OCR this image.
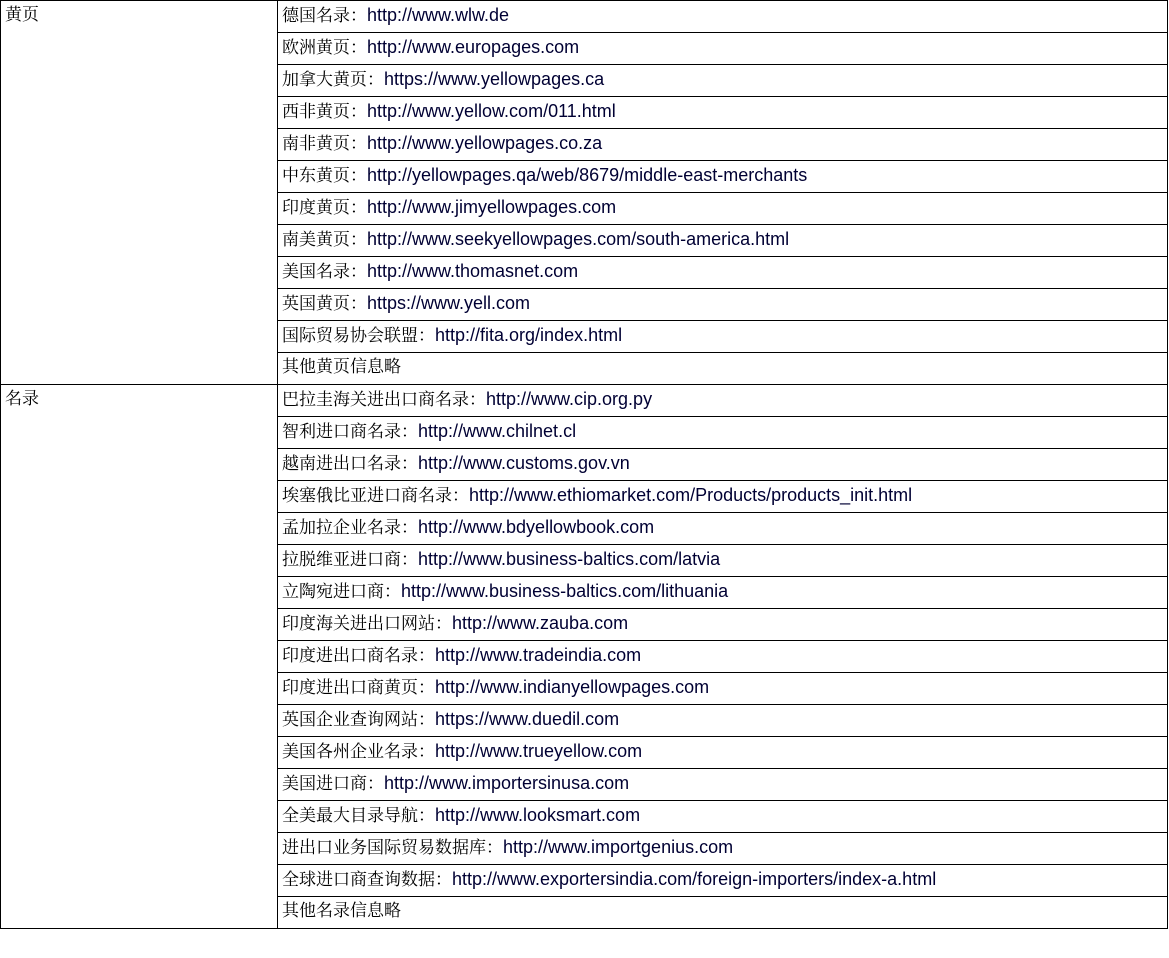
黄页	德国名录：http://www.wlw.de
	欧洲黄页：http://www.europages.com
	加拿大黄页：https://www.yellowpages.ca
	西非黄页：http://www.yellow.com/011.html
	南非黄页：http://www.yellowpages.co.za
	中东黄页：http://yellowpages.qa/web/8679/middle-east-merchants
	印度黄页：http://www.jimyellowpages.com
	南美黄页：http://www.seekyellowpages.com/south-america.html
	美国名录：http://www.thomasnet.com
	英国黄页：https://www.yell.com
	国际贸易协会联盟：http://fita.org/index.html
	其他黄页信息略
名录	巴拉圭海关进出口商名录：http://www.cip.org.py
	智利进口商名录：http://www.chilnet.cl
	越南进出口名录：http://www.customs.gov.vn
	埃塞俄比亚进口商名录：http://www.ethiomarket.com/Products/products_init.html
	孟加拉企业名录：http://www.bdyellowbook.com
	拉脱维亚进口商：http://www.business-baltics.com/latvia
	立陶宛进口商：http://www.business-baltics.com/lithuania
	印度海关进出口网站：http://www.zauba.com
	印度进出口商名录：http://www.tradeindia.com
	印度进出口商黄页：http://www.indianyellowpages.com
	英国企业查询网站：https://www.duedil.com
	美国各州企业名录：http://www.trueyellow.com
	美国进口商：http://www.importersinusa.com
	全美最大目录导航：http://www.looksmart.com
	进出口业务国际贸易数据库：http://www.importgenius.com
	全球进口商查询数据：http://www.exportersindia.com/foreign-importers/index-a.html
	其他名录信息略
